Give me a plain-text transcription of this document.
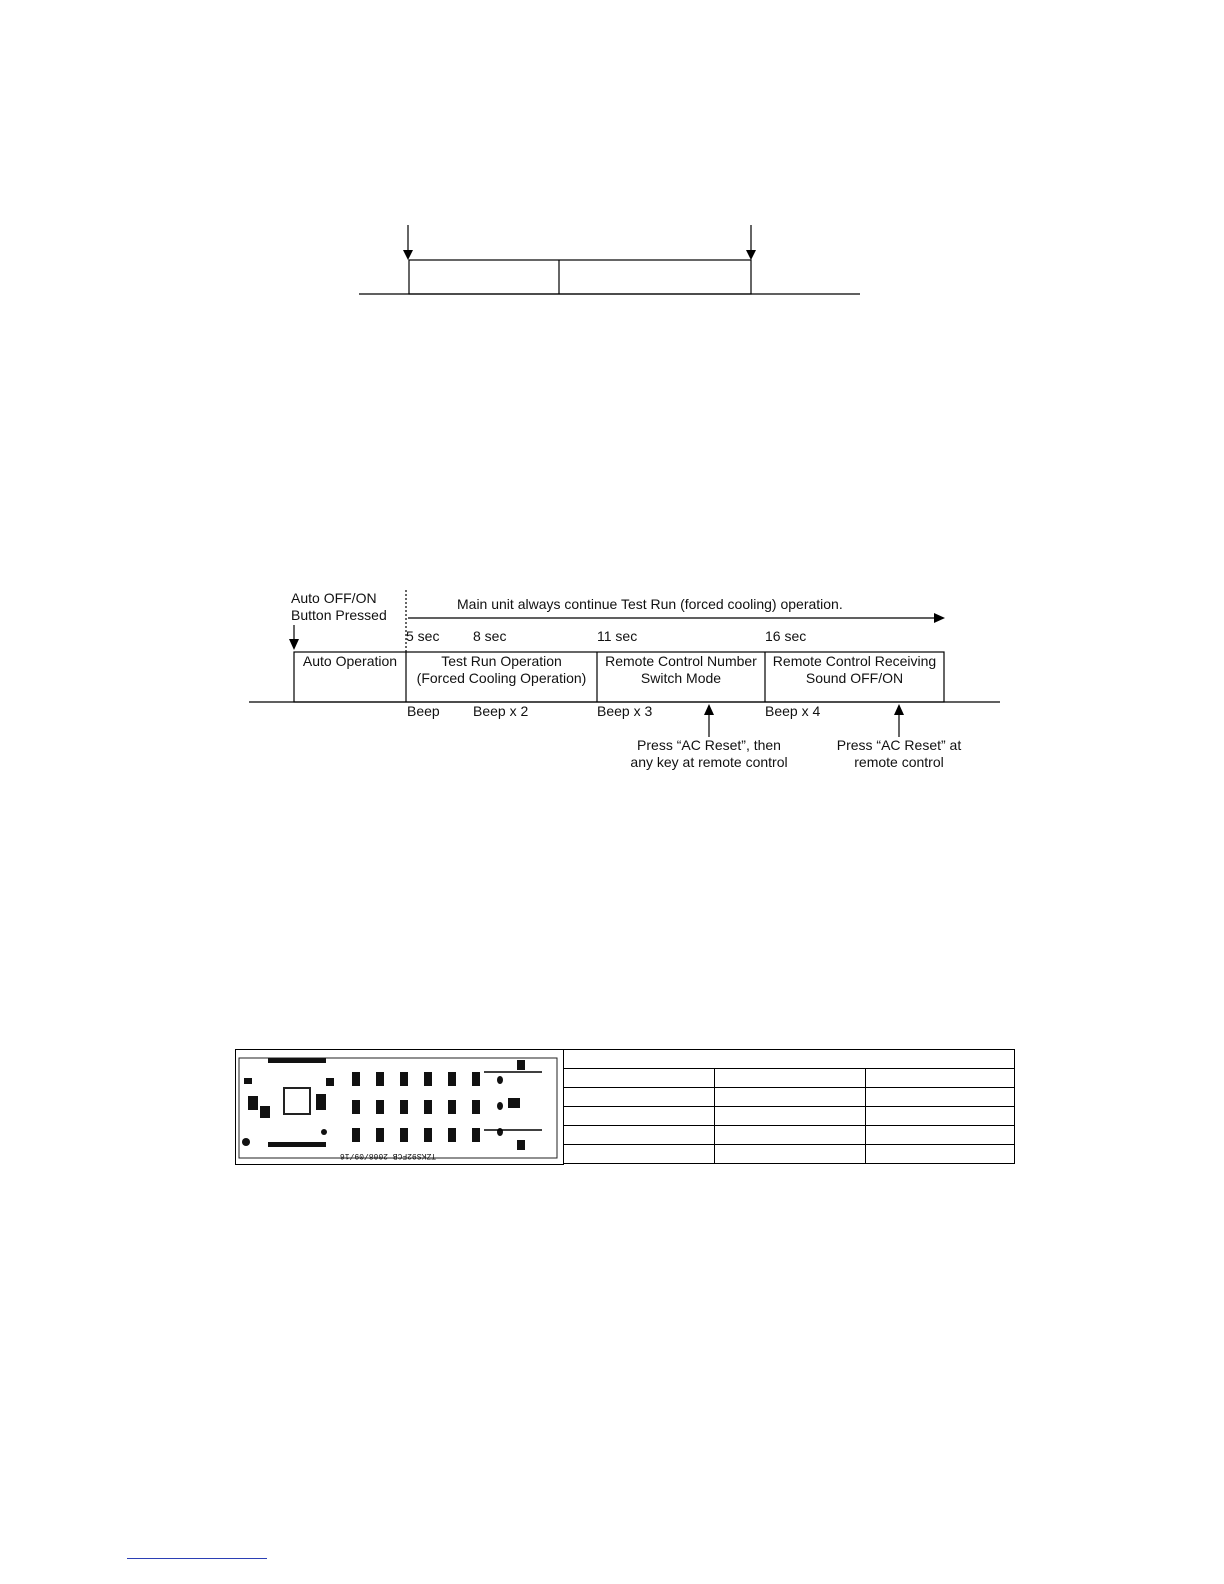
Auto OFF/ON
Button Pressed
Main unit always continue Test Run (forced cooling) operation.
5 sec 8 sec	11 sec	16 sec
Auto Operation	Test Run Operation
(Forced Cooling Operation)
Remote Control Number
Switch Mode
Remote Control Receiving
Sound OFF/ON
Beep Beep x 2	Beep x 3	Beep x 4
Press “AC Reset”, then
any key at remote control
Press “AC Reset” at
remote control
TZKS92FCB 2008/09/16
